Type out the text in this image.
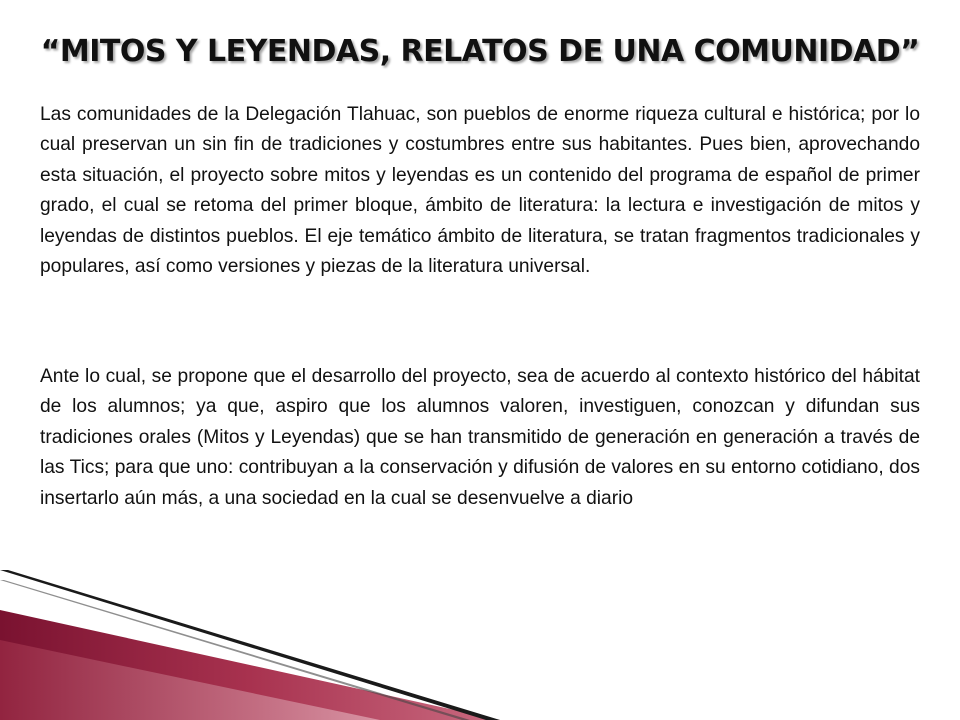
“MITOS Y LEYENDAS, RELATOS DE UNA COMUNIDAD”

Las comunidades de la Delegación Tlahuac, son pueblos de enorme riqueza cultural e histórica; por lo cual preservan un sin fin de tradiciones y costumbres entre sus habitantes. Pues bien, aprovechando esta situación, el proyecto sobre mitos y leyendas es un contenido del programa de español de primer grado, el cual se retoma del primer bloque, ámbito de literatura: la lectura e investigación de mitos y leyendas de distintos pueblos. El eje temático ámbito de literatura, se tratan fragmentos tradicionales y populares, así como versiones y piezas de la literatura universal.

Ante lo cual, se propone que el desarrollo del proyecto, sea de acuerdo al contexto histórico del hábitat de los alumnos; ya que, aspiro que los alumnos valoren, investiguen, conozcan y difundan sus tradiciones orales (Mitos y Leyendas) que se han transmitido de generación en generación a través de las Tics; para que uno: contribuyan a la conservación y difusión de valores en su entorno cotidiano, dos insertarlo aún más, a una sociedad en la cual se desenvuelve a diario
